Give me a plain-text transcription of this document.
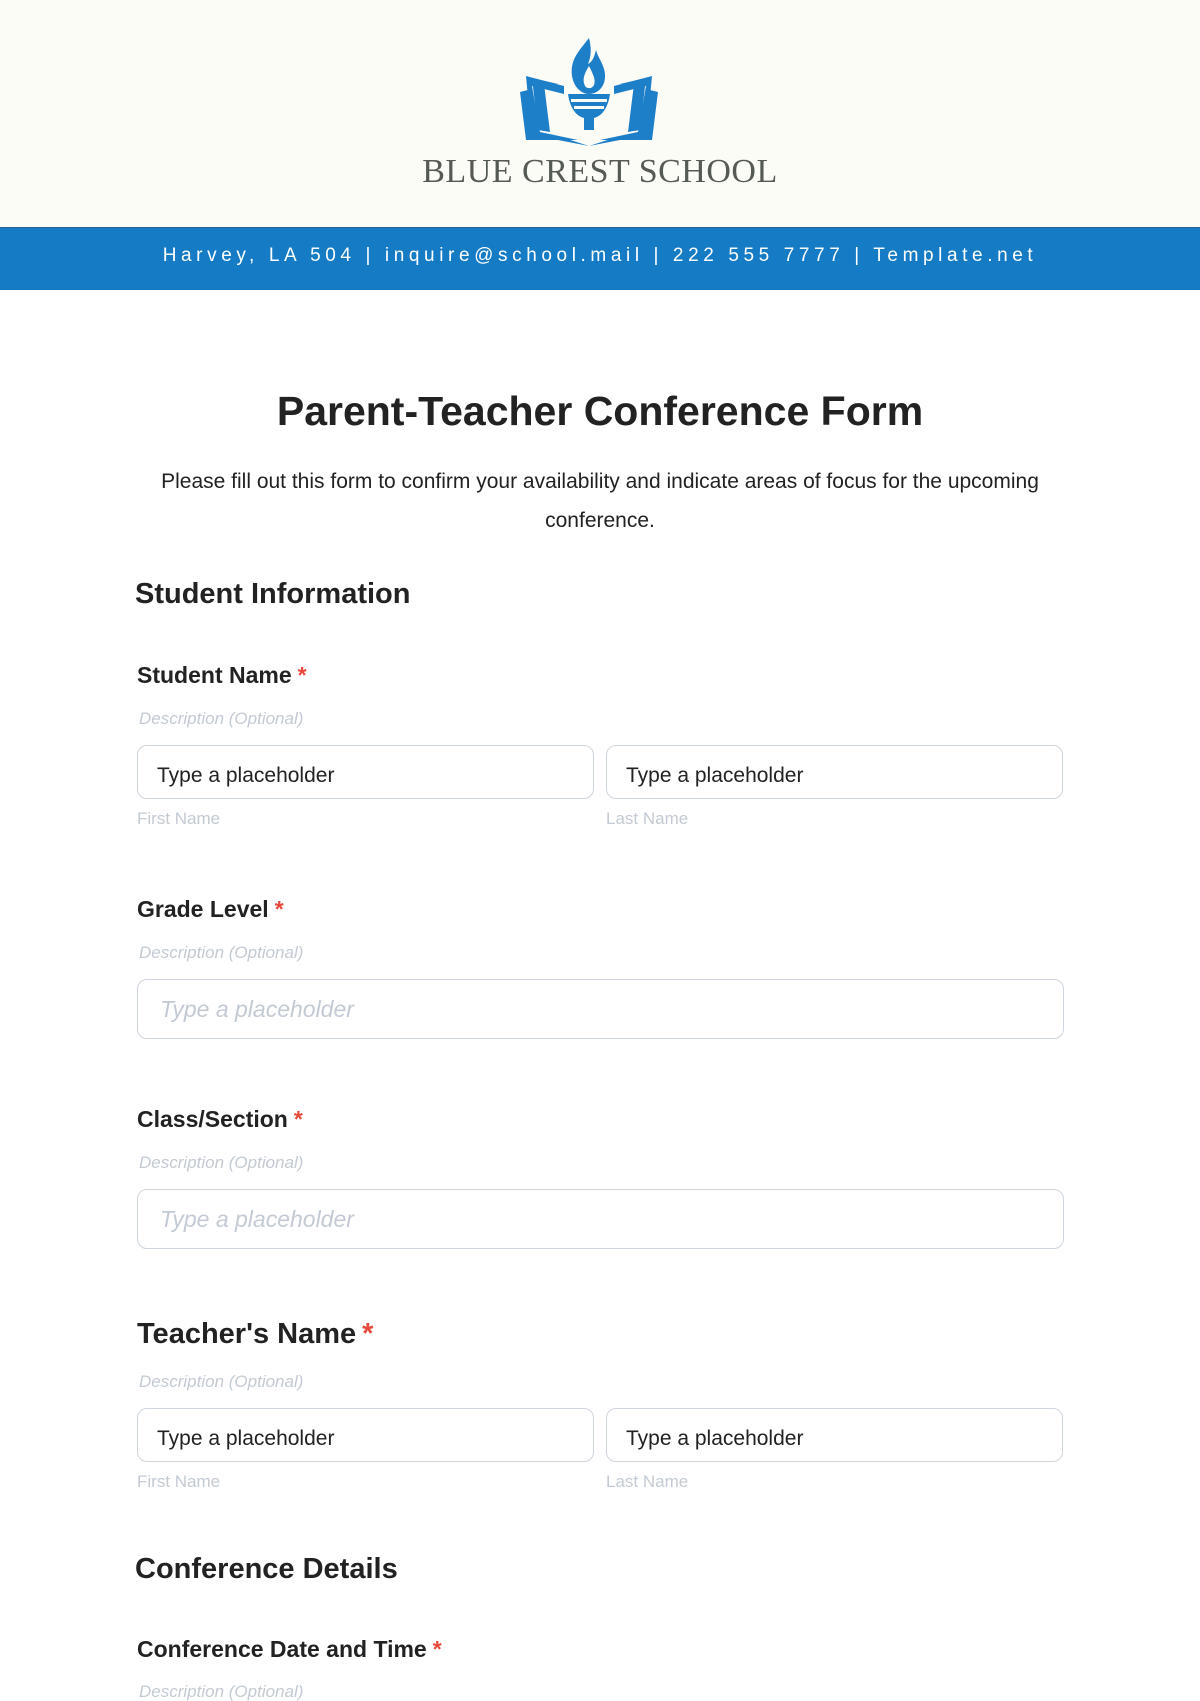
BLUE CREST SCHOOL
Harvey, LA 504 | inquire@school.mail | 222 555 7777 | Template.net
Parent-Teacher Conference Form

Please fill out this form to confirm your availability and indicate areas of focus for the upcoming conference.

Student Information
Student Name *
Description (Optional)
Type a placeholder	Type a placeholder
First Name	Last Name
Grade Level *
Description (Optional)
Type a placeholder
Class/Section *
Description (Optional)
Type a placeholder
Teacher's Name *
Description (Optional)
Type a placeholder	Type a placeholder
First Name	Last Name
Conference Details
Conference Date and Time *
Description (Optional)
